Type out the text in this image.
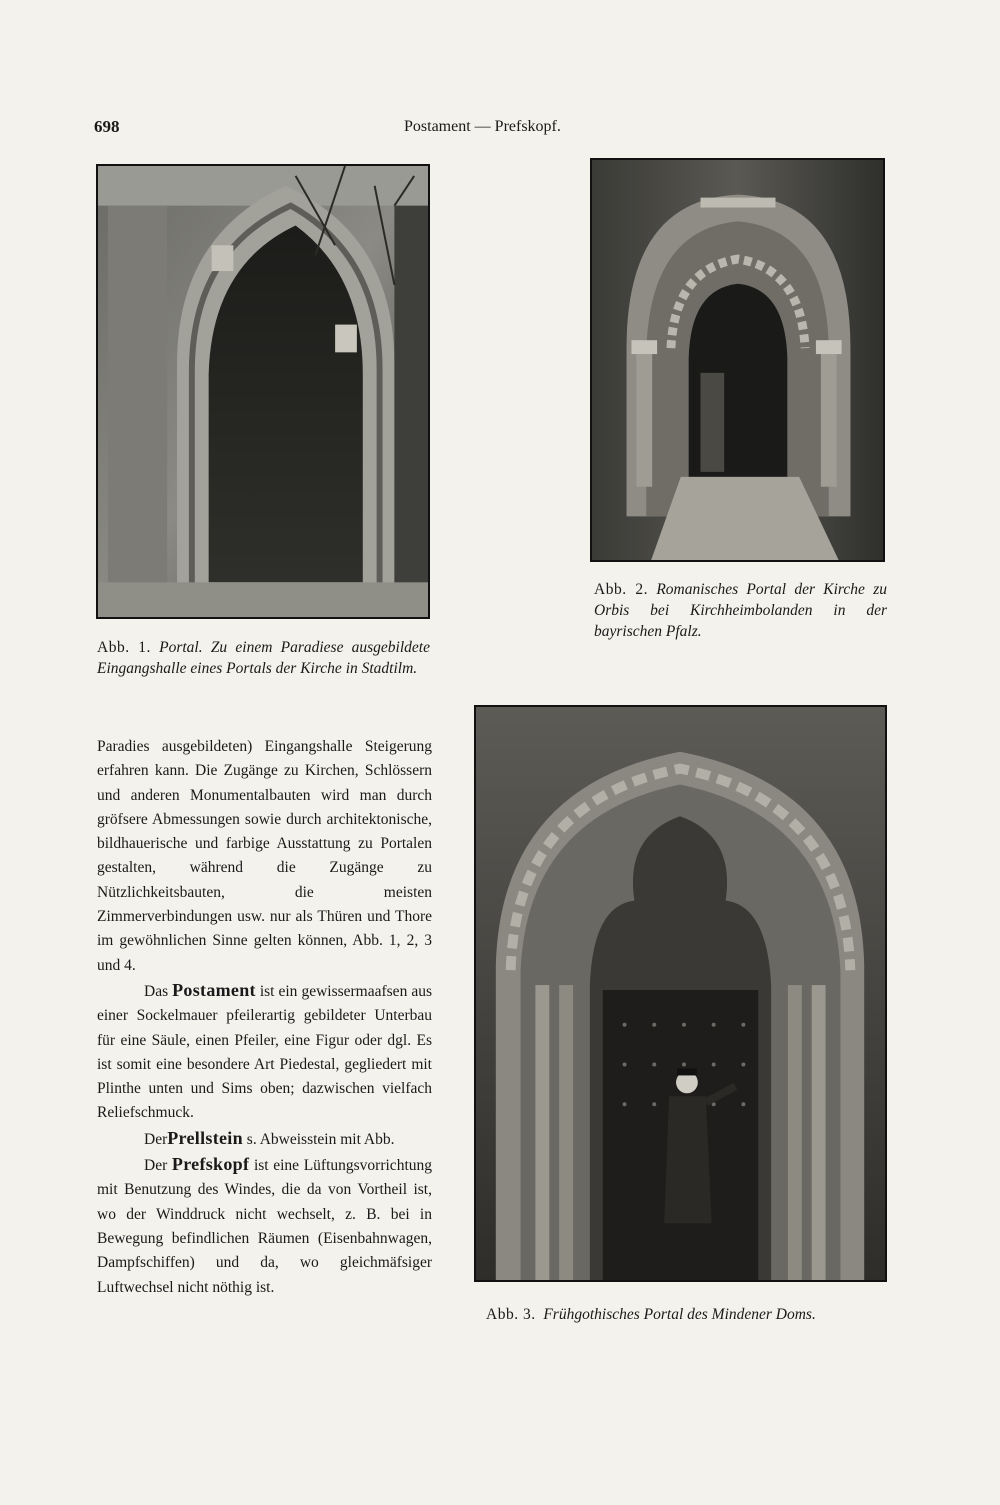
698	Postament — Prefskopf.
Abb. 1. Portal. Zu einem Paradiese ausgebildete Eingangshalle eines Portals der Kirche in Stadtilm.
Abb. 2. Romanisches Portal der Kirche zu Orbis bei Kirchheimbolanden in der bayrischen Pfalz.
Abb. 3. Frühgothisches Portal des Mindener Doms.

Paradies ausgebildeten) Eingangshalle Steigerung erfahren kann. Die Zugänge zu Kirchen, Schlössern und anderen Monumentalbauten wird man durch gröfsere Abmessungen sowie durch architektonische, bildhauerische und farbige Ausstattung zu Portalen gestalten, während die Zugänge zu Nützlichkeitsbauten, die meisten Zimmerverbindungen usw. nur als Thüren und Thore im gewöhnlichen Sinne gelten können, Abb. 1, 2, 3 und 4.

Das Postament ist ein gewissermaafsen aus einer Sockelmauer pfeilerartig gebildeter Unterbau für eine Säule, einen Pfeiler, eine Figur oder dgl. Es ist somit eine besondere Art Piedestal, gegliedert mit Plinthe unten und Sims oben; dazwischen vielfach Reliefschmuck.

DerPrellstein s. Abweisstein mit Abb.

Der Prefskopf ist eine Lüftungsvorrichtung mit Benutzung des Windes, die da von Vortheil ist, wo der Winddruck nicht wechselt, z. B. bei in Bewegung befindlichen Räumen (Eisenbahnwagen, Dampfschiffen) und da, wo gleichmäfsiger Luftwechsel nicht nöthig ist.
